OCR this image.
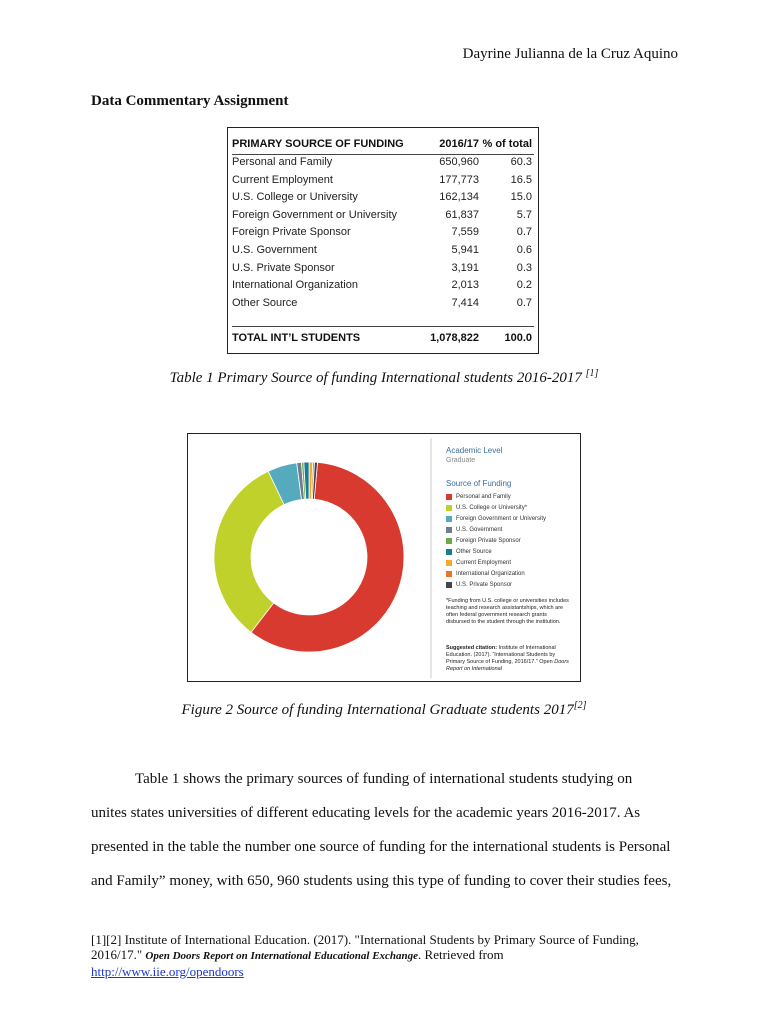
Dayrine Julianna de la Cruz Aquino
Data Commentary Assignment
PRIMARY SOURCE OF FUNDING	2016/17 % of total
Personal and Family	650,960	60.3
Current Employment	177,773	16.5
U.S. College or University	162,134	15.0
Foreign Government or University	61,837	5.7
Foreign Private Sponsor	7,559	0.7
U.S. Government	5,941	0.6
U.S. Private Sponsor	3,191	0.3
International Organization	2,013	0.2
Other Source	7,414	0.7
TOTAL INT’L STUDENTS	1,078,822 100.0
Table 1 Primary Source of funding International students 2016-2017 [1]
Academic Level
Graduate
Source of Funding
Personal and Family
U.S. College or University*
Foreign Government or University
U.S. Government
Foreign Private Sponsor
Other Source
Current Employment
International Organization
U.S. Private Sponsor
*Funding from U.S. college or universities includes teaching and research assistantships, which are often federal government research grants disbursed to the student through the institution.
Suggested citation: Institute of International Education. (2017). “International Students by Primary Source of Funding, 2016/17.” Open Doors Report on International
Figure 2 Source of funding International Graduate students 2017[2]

Table 1 shows the primary sources of funding of international students studying on

unites states universities of different educating levels for the academic years 2016-2017. As

presented in the table the number one source of funding for the international students is Personal

and Family” money, with 650, 960 students using this type of funding to cover their studies fees,

[1][2] Institute of International Education. (2017). "International Students by Primary Source of Funding, 2016/17." Open Doors Report on International Educational Exchange. Retrieved from
http://www.iie.org/opendoors
